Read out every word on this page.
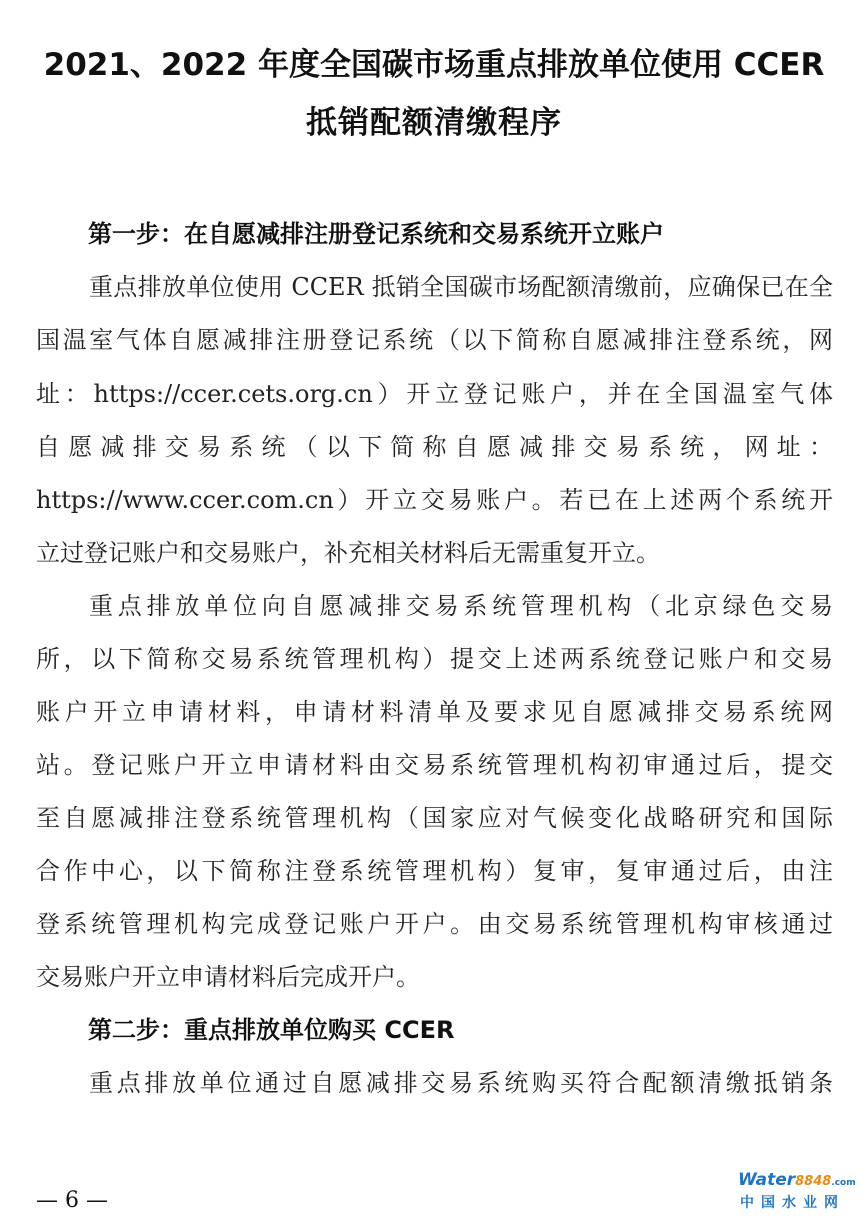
2021、2022 年度全国碳市场重点排放单位使用 CCER
抵销配额清缴程序
第一步：在自愿减排注册登记系统和交易系统开立账户
重点排放单位使用 CCER 抵销全国碳市场配额清缴前，应确保已在全
国温室气体自愿减排注册登记系统（以下简称自愿减排注登系统，网
址：https://ccer.cets.org.cn）开立登记账户，并在全国温室气体
自愿减排交易系统（以下简称自愿减排交易系统，网址：
https://www.ccer.com.cn）开立交易账户。若已在上述两个系统开
立过登记账户和交易账户，补充相关材料后无需重复开立。
重点排放单位向自愿减排交易系统管理机构（北京绿色交易
所，以下简称交易系统管理机构）提交上述两系统登记账户和交易
账户开立申请材料，申请材料清单及要求见自愿减排交易系统网
站。登记账户开立申请材料由交易系统管理机构初审通过后，提交
至自愿减排注登系统管理机构（国家应对气候变化战略研究和国际
合作中心，以下简称注登系统管理机构）复审，复审通过后，由注
登系统管理机构完成登记账户开户。由交易系统管理机构审核通过
交易账户开立申请材料后完成开户。
第二步：重点排放单位购买 CCER
重点排放单位通过自愿减排交易系统购买符合配额清缴抵销条
— 6 —
Water8848.com
中国水业网
